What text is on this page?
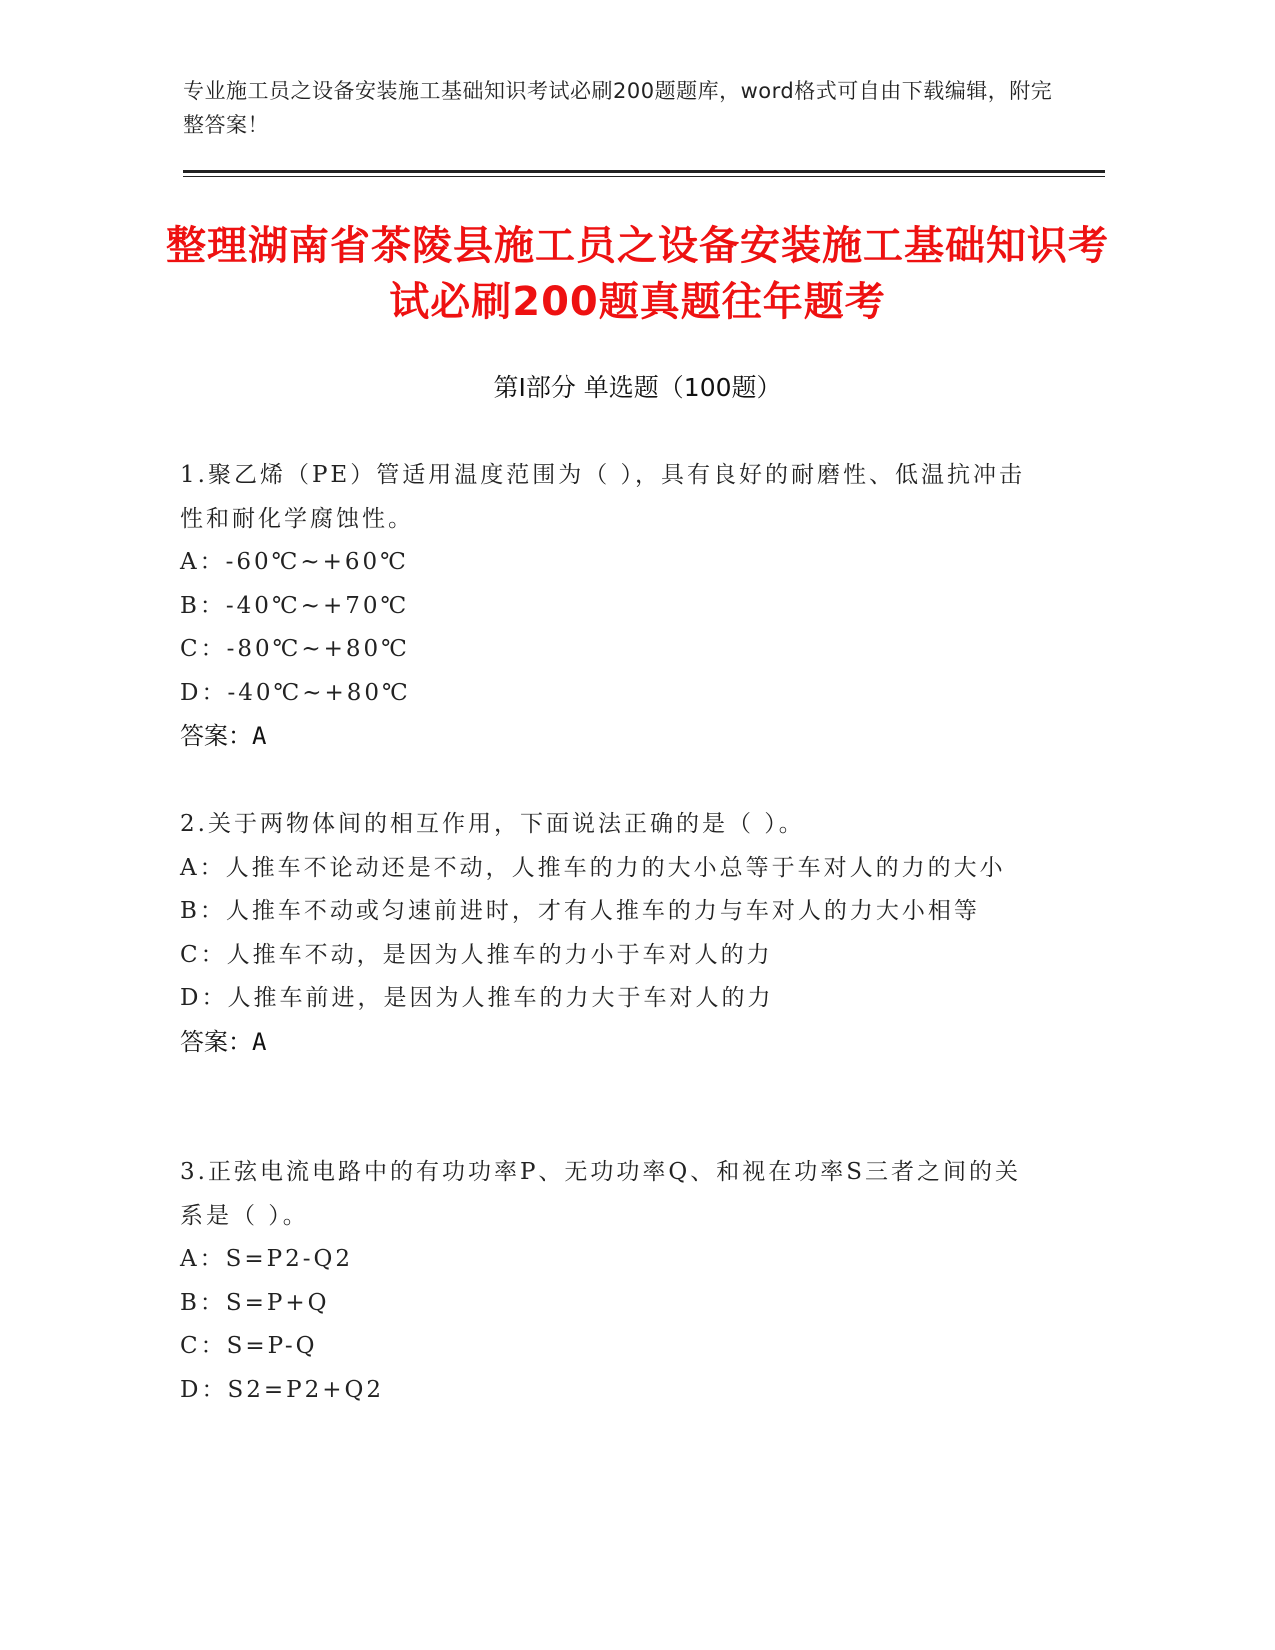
专业施工员之设备安装施工基础知识考试必刷200题题库，word格式可自由下载编辑，附完整答案！
整理湖南省茶陵县施工员之设备安装施工基础知识考试必刷200题真题往年题考
第Ⅰ部分 单选题（100题）
1.聚乙烯（PE）管适用温度范围为（ ），具有良好的耐磨性、低温抗冲击性和耐化学腐蚀性。
A：-60℃~+60℃
B：-40℃~+70℃
C：-80℃~+80℃
D：-40℃~+80℃
答案：A
2.关于两物体间的相互作用，下面说法正确的是（ ）。
A：人推车不论动还是不动，人推车的力的大小总等于车对人的力的大小
B：人推车不动或匀速前进时，才有人推车的力与车对人的力大小相等
C：人推车不动，是因为人推车的力小于车对人的力
D：人推车前进，是因为人推车的力大于车对人的力
答案：A
3.正弦电流电路中的有功功率P、无功功率Q、和视在功率S三者之间的关系是（ ）。
A：S=P2-Q2
B：S=P+Q
C：S=P-Q
D：S2=P2+Q2
